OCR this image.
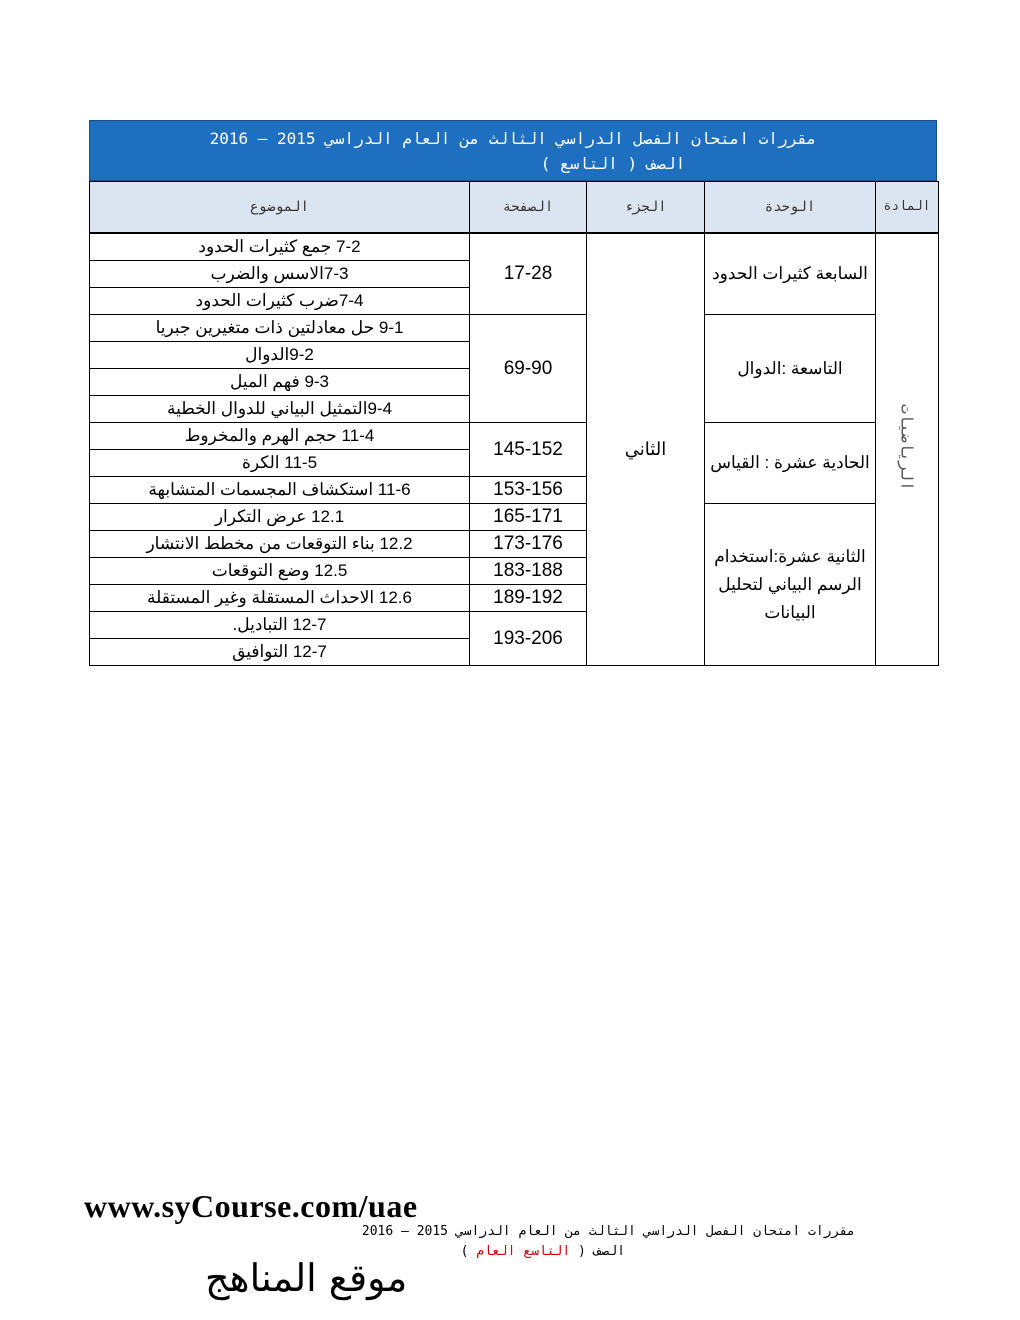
مقررات امتحان الفصل الدراسي الثالث من العام الدراسي 2015 – 2016
الصف ( التاسع )
الموضوع	الصفحة	الجزء	الوحدة	المادة
7-2 جمع كثيرات الحدود	17-28	الثاني	السابعة كثيرات الحدود	الرياضيات
7-3الاسس والضرب				
7-4ضرب كثيرات الحدود				
9-1 حل معادلتين ذات متغيرين جبريا	69-90		التاسعة :الدوال	
9-2الدوال				
9-3 فهم الميل				
9-4التمثيل البياني للدوال الخطية				
11-4 حجم الهرم والمخروط	145-152		الحادية عشرة : القياس	
11-5 الكرة				
11-6 استكشاف المجسمات المتشابهة	153-156			
12.1 عرض التكرار	165-171		الثانية عشرة:استخدام الرسم البياني لتحليل البيانات	
12.2 بناء التوقعات من مخطط الانتشار	173-176			
12.5 وضع التوقعات	183-188			
12.6 الاحداث المستقلة وغير المستقلة	189-192			
12-7 التباديل.	193-206			
12-7 التوافيق				
www.syCourse.com/uae
مقررات امتحان الفصل الدراسي الثالث من العام الدراسي 2015 – 2016
الصف ( التاسع العام )
موقع المناهج
